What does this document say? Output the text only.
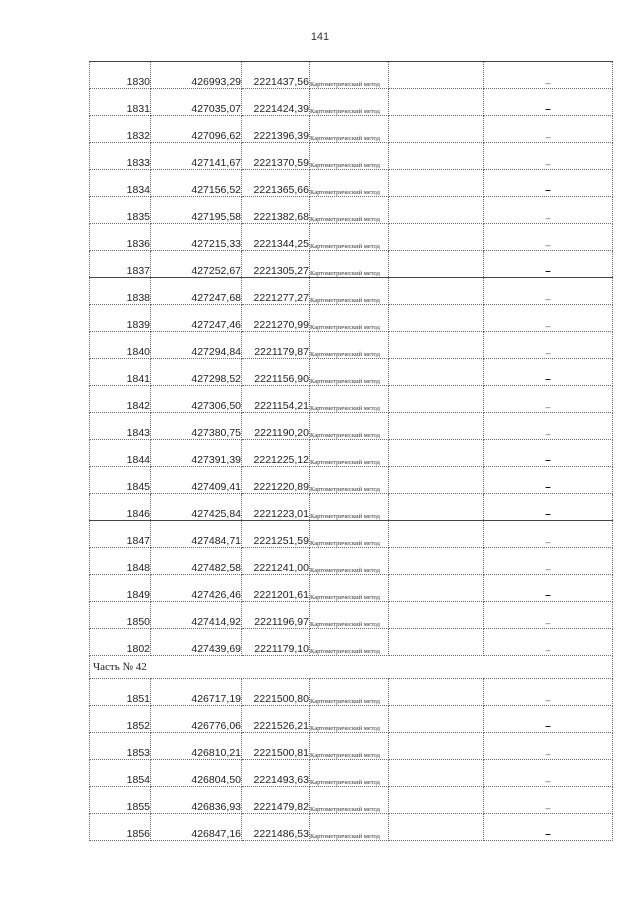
141
1830	426993,29	2221437,56	Картометрический метод		–
1831	427035,07	2221424,39	Картометрический метод		–
1832	427096,62	2221396,39	Картометрический метод		–
1833	427141,67	2221370,59	Картометрический метод		–
1834	427156,52	2221365,66	Картометрический метод		–
1835	427195,58	2221382,68	Картометрический метод		–
1836	427215,33	2221344,25	Картометрический метод		–
1837	427252,67	2221305,27	Картометрический метод		–
1838	427247,68	2221277,27	Картометрический метод		–
1839	427247,46	2221270,99	Картометрический метод		–
1840	427294,84	2221179,87	Картометрический метод		–
1841	427298,52	2221156,90	Картометрический метод		–
1842	427306,50	2221154,21	Картометрический метод		–
1843	427380,75	2221190,20	Картометрический метод		–
1844	427391,39	2221225,12	Картометрический метод		–
1845	427409,41	2221220,89	Картометрический метод		–
1846	427425,84	2221223,01	Картометрический метод		–
1847	427484,71	2221251,59	Картометрический метод		–
1848	427482,58	2221241,00	Картометрический метод		–
1849	427426,46	2221201,61	Картометрический метод		–
1850	427414,92	2221196,97	Картометрический метод		–
1802	427439,69	2221179,10	Картометрический метод		–
Часть № 42					
1851	426717,19	2221500,80	Картометрический метод		–
1852	426776,06	2221526,21	Картометрический метод		–
1853	426810,21	2221500,81	Картометрический метод		–
1854	426804,50	2221493,63	Картометрический метод		–
1855	426836,93	2221479,82	Картометрический метод		–
1856	426847,16	2221486,53	Картометрический метод		–
